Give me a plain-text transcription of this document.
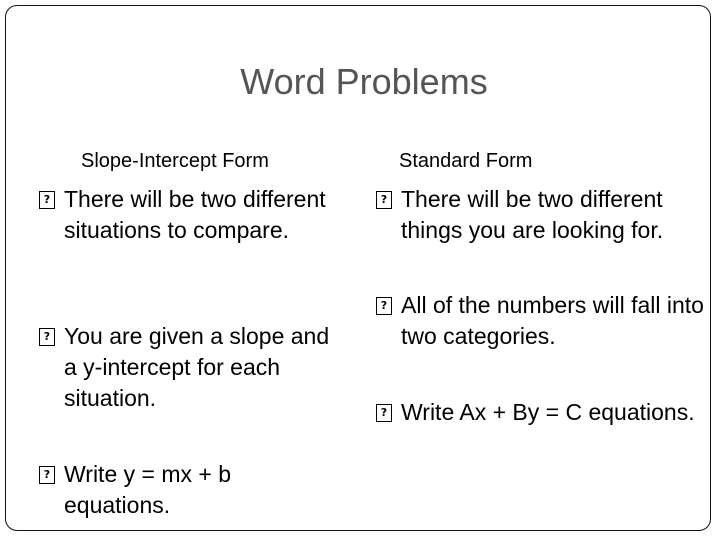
Word Problems
Slope-Intercept Form	Standard Form
?
There will be two different situations to compare.
?
You are given a slope and a y-intercept for each situation.
?
Write y = mx + b equations.
?
There will be two different things you are looking for.
?
All of the numbers will fall into two categories.
?
Write Ax + By = C equations.
